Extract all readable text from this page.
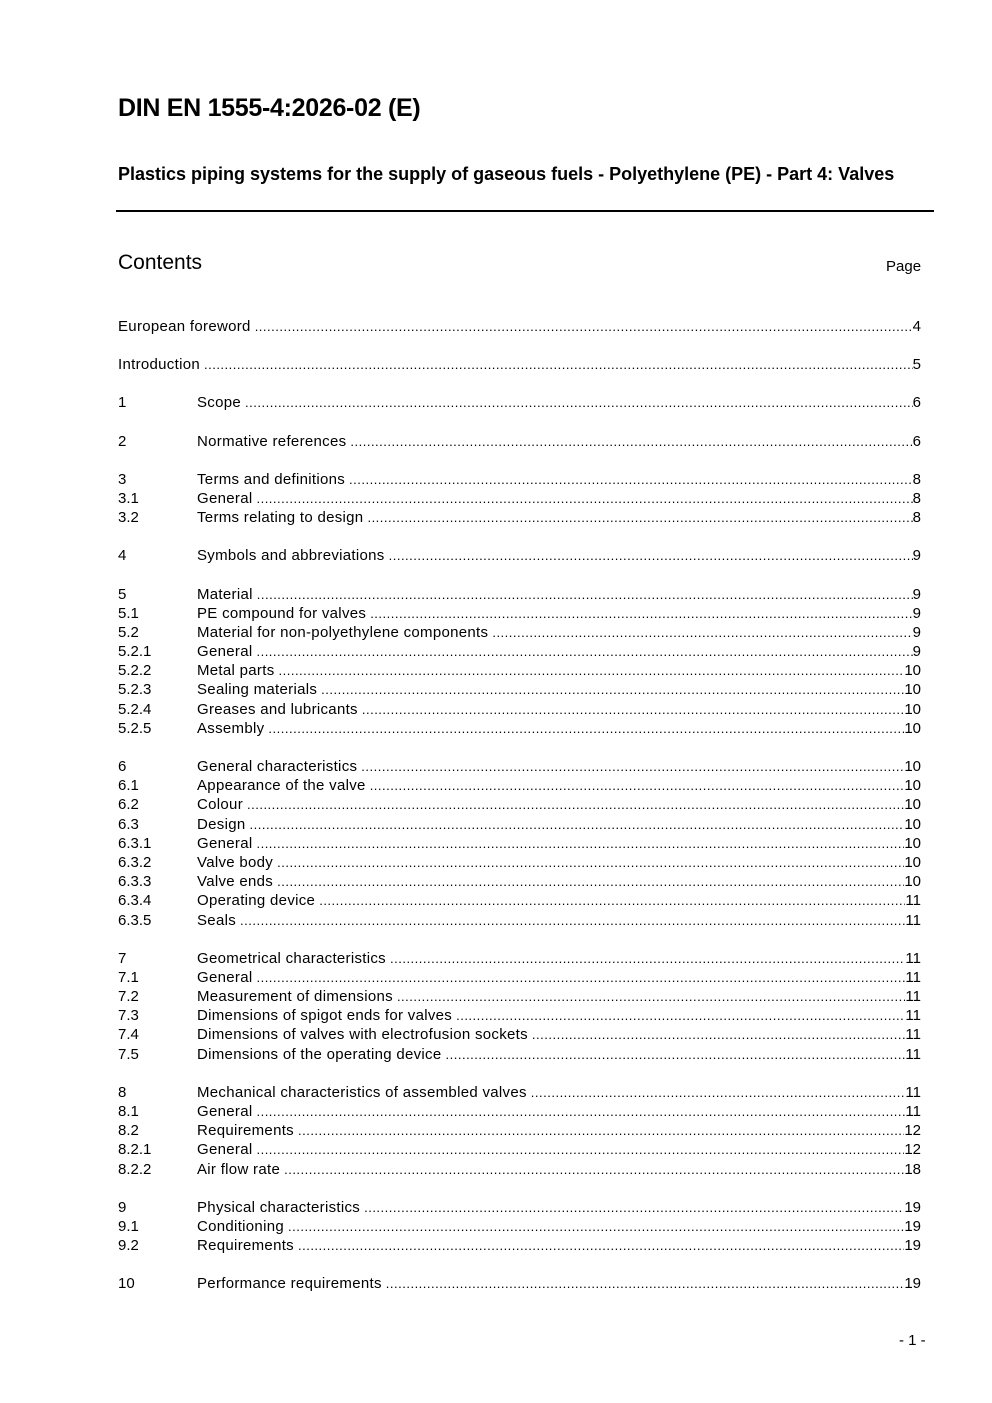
DIN EN 1555-4:2026-02 (E)
Plastics piping systems for the supply of gaseous fuels - Polyethylene (PE) - Part 4: Valves
Contents	Page
European foreword .....	4
Introduction .....	5
1	Scope .....	6
2	Normative references .....	6
3	Terms and definitions .....	8
3.1	General .....	8
3.2	Terms relating to design .....	8
4	Symbols and abbreviations .....	9
5	Material .....	9
5.1	PE compound for valves .....	9
5.2	Material for non-polyethylene components .....	9
5.2.1	General .....	9
5.2.2	Metal parts .....	10
5.2.3	Sealing materials .....	10
5.2.4	Greases and lubricants .....	10
5.2.5	Assembly .....	10
6	General characteristics .....	10
6.1	Appearance of the valve .....	10
6.2	Colour .....	10
6.3	Design .....	10
6.3.1	General .....	10
6.3.2	Valve body .....	10
6.3.3	Valve ends .....	10
6.3.4	Operating device .....	11
6.3.5	Seals .....	11
7	Geometrical characteristics .....	11
7.1	General .....	11
7.2	Measurement of dimensions .....	11
7.3	Dimensions of spigot ends for valves .....	11
7.4	Dimensions of valves with electrofusion sockets .....	11
7.5	Dimensions of the operating device .....	11
8	Mechanical characteristics of assembled valves .....	11
8.1	General .....	11
8.2	Requirements .....	12
8.2.1	General .....	12
8.2.2	Air flow rate .....	18
9	Physical characteristics .....	19
9.1	Conditioning .....	19
9.2	Requirements .....	19
10	Performance requirements .....	19
- 1 -
